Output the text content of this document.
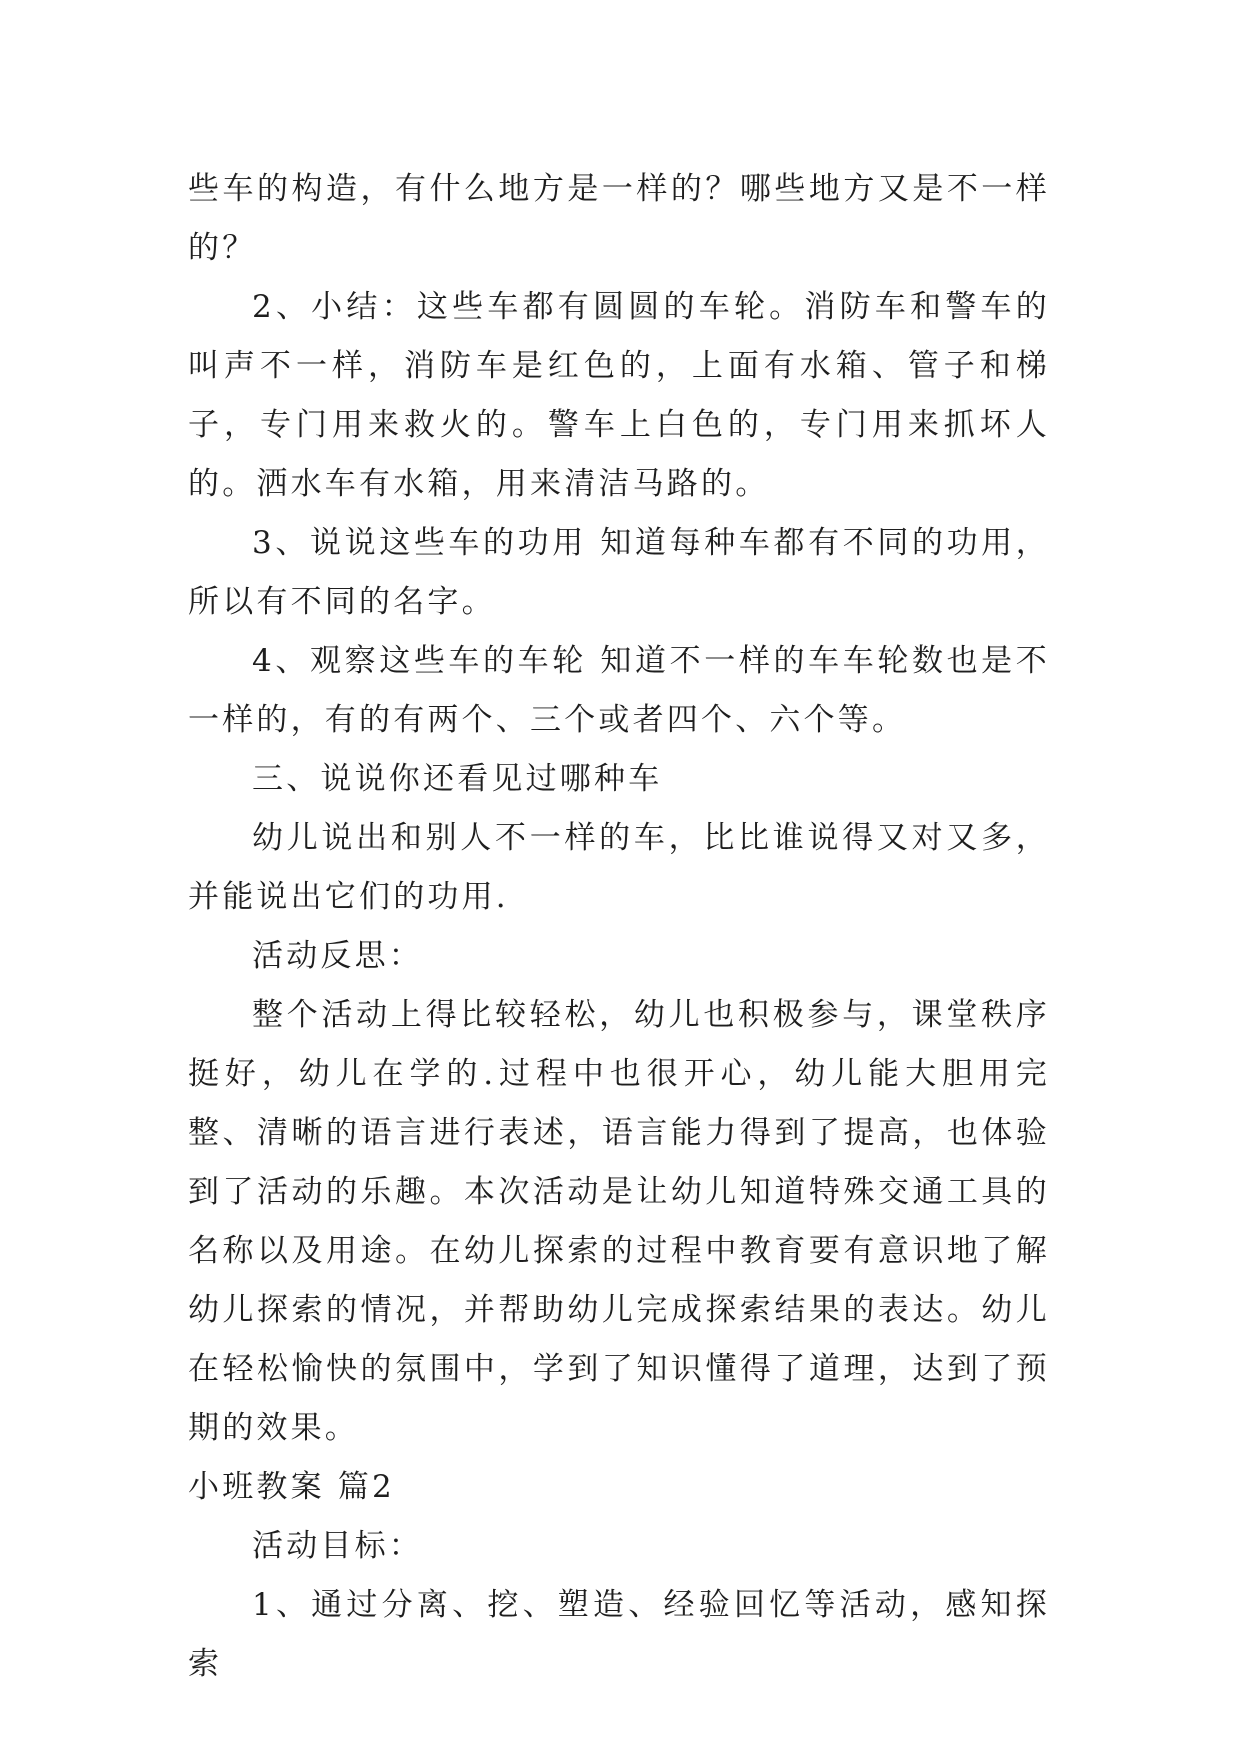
些车的构造，有什么地方是一样的？哪些地方又是不一样的？

2、小结：这些车都有圆圆的车轮。消防车和警车的叫声不一样，消防车是红色的，上面有水箱、管子和梯子，专门用来救火的。警车上白色的，专门用来抓坏人的。洒水车有水箱，用来清洁马路的。

3、说说这些车的功用 知道每种车都有不同的功用，所以有不同的名字。

4、观察这些车的车轮 知道不一样的车车轮数也是不一样的，有的有两个、三个或者四个、六个等。

三、说说你还看见过哪种车

幼儿说出和别人不一样的车，比比谁说得又对又多，并能说出它们的功用.

活动反思：

整个活动上得比较轻松，幼儿也积极参与，课堂秩序挺好，幼儿在学的.过程中也很开心，幼儿能大胆用完整、清晰的语言进行表述，语言能力得到了提高，也体验到了活动的乐趣。本次活动是让幼儿知道特殊交通工具的名称以及用途。在幼儿探索的过程中教育要有意识地了解幼儿探索的情况，并帮助幼儿完成探索结果的表达。幼儿在轻松愉快的氛围中，学到了知识懂得了道理，达到了预期的效果。

小班教案 篇2

活动目标：

1、通过分离、挖、塑造、经验回忆等活动，感知探索
